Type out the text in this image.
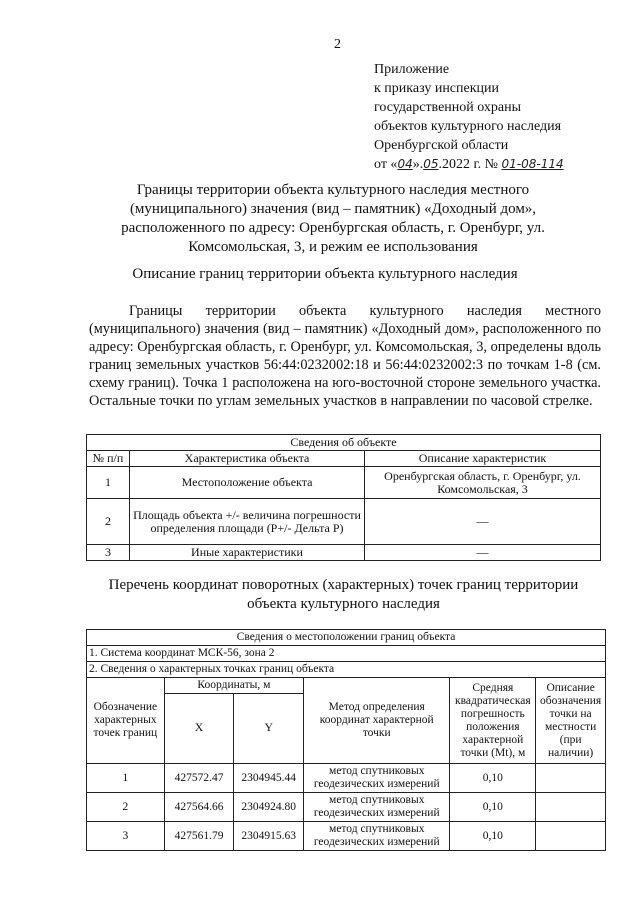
2
Приложение
к приказу инспекции
государственной охраны
объектов культурного наследия
Оренбургской области
от «04».05.2022 г. № 01-08-114
Границы территории объекта культурного наследия местного (муниципального) значения (вид – памятник) «Доходный дом», расположенного по адресу: Оренбургская область, г. Оренбург, ул. Комсомольская, 3, и режим ее использования
Описание границ территории объекта культурного наследия

Границы территории объекта культурного наследия местного (муниципального) значения (вид – памятник) «Доходный дом», расположенного по адресу: Оренбургская область, г. Оренбург, ул. Комсомольская, 3, определены вдоль границ земельных участков 56:44:0232002:18 и 56:44:0232002:3 по точкам 1-8 (см. схему границ). Точка 1 расположена на юго-восточной стороне земельного участка. Остальные точки по углам земельных участков в направлении по часовой стрелке.

Сведения об объекте		
№ п/п	Характеристика объекта	Описание характеристик
1	Местоположение объекта	Оренбургская область, г. Оренбург, ул. Комсомольская, 3
2	Площадь объекта +/- величина погрешности определения площади (Р+/- Дельта Р)	—
3	Иные характеристики	—
Перечень координат поворотных (характерных) точек границ территории объекта культурного наследия
Сведения о местоположении границ объекта					
1. Система координат МСК-56, зона 2					
2. Сведения о характерных точках границ объекта					
Обозначение характерных точек границ	Координаты, м		Метод определения координат характерной точки	Средняя квадратическая погрешность положения характерной точки (Mt), м	Описание обозначения точки на местности (при наличии)
	X	Y			
1	427572.47	2304945.44	метод спутниковых геодезических измерений	0,10	
2	427564.66	2304924.80	метод спутниковых геодезических измерений	0,10	
3	427561.79	2304915.63	метод спутниковых геодезических измерений	0,10	
